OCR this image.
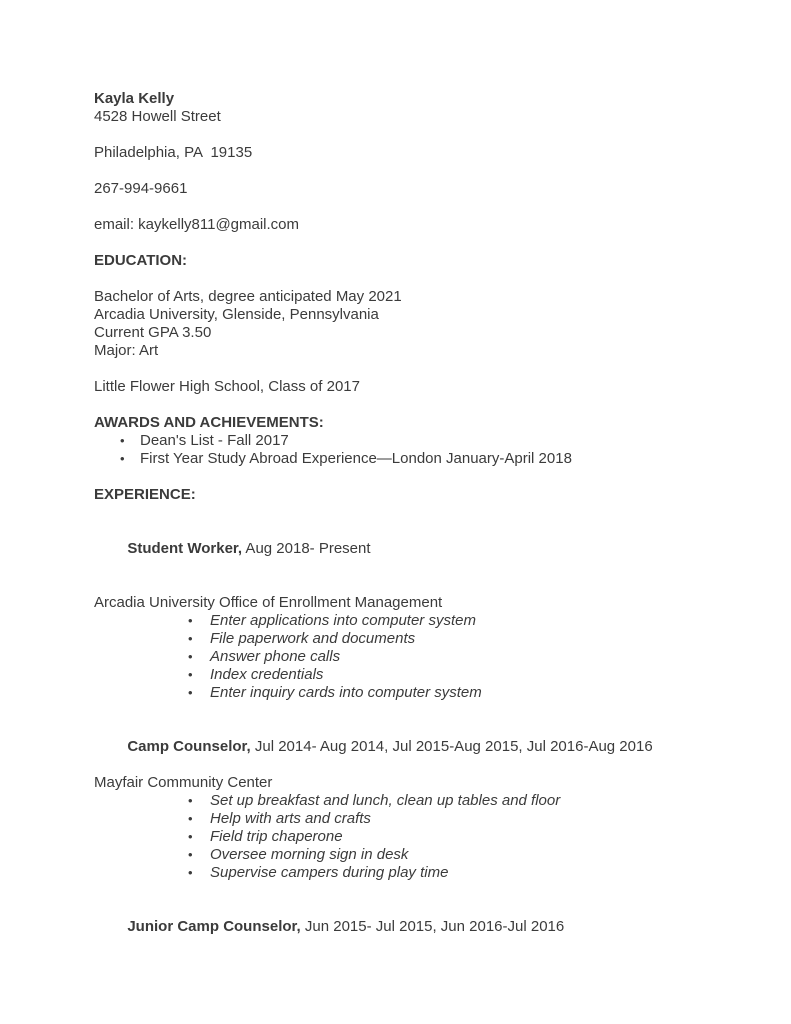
Kayla Kelly
4528 Howell Street
Philadelphia, PA  19135
267-994-9661
email: kaykelly811@gmail.com
EDUCATION:
Bachelor of Arts, degree anticipated May 2021
Arcadia University, Glenside, Pennsylvania
Current GPA 3.50
Major: Art
Little Flower High School, Class of 2017
AWARDS AND ACHIEVEMENTS:
• Dean's List - Fall 2017
• First Year Study Abroad Experience—London January-April 2018
EXPERIENCE:

Student Worker, Aug 2018- Present

Arcadia University Office of Enrollment Management
• Enter applications into computer system
• File paperwork and documents
• Answer phone calls
• Index credentials
• Enter inquiry cards into computer system

Camp Counselor, Jul 2014- Aug 2014, Jul 2015-Aug 2015, Jul 2016-Aug 2016

Mayfair Community Center
• Set up breakfast and lunch, clean up tables and floor
• Help with arts and crafts
• Field trip chaperone
• Oversee morning sign in desk
• Supervise campers during play time

Junior Camp Counselor, Jun 2015- Jul 2015, Jun 2016-Jul 2016
